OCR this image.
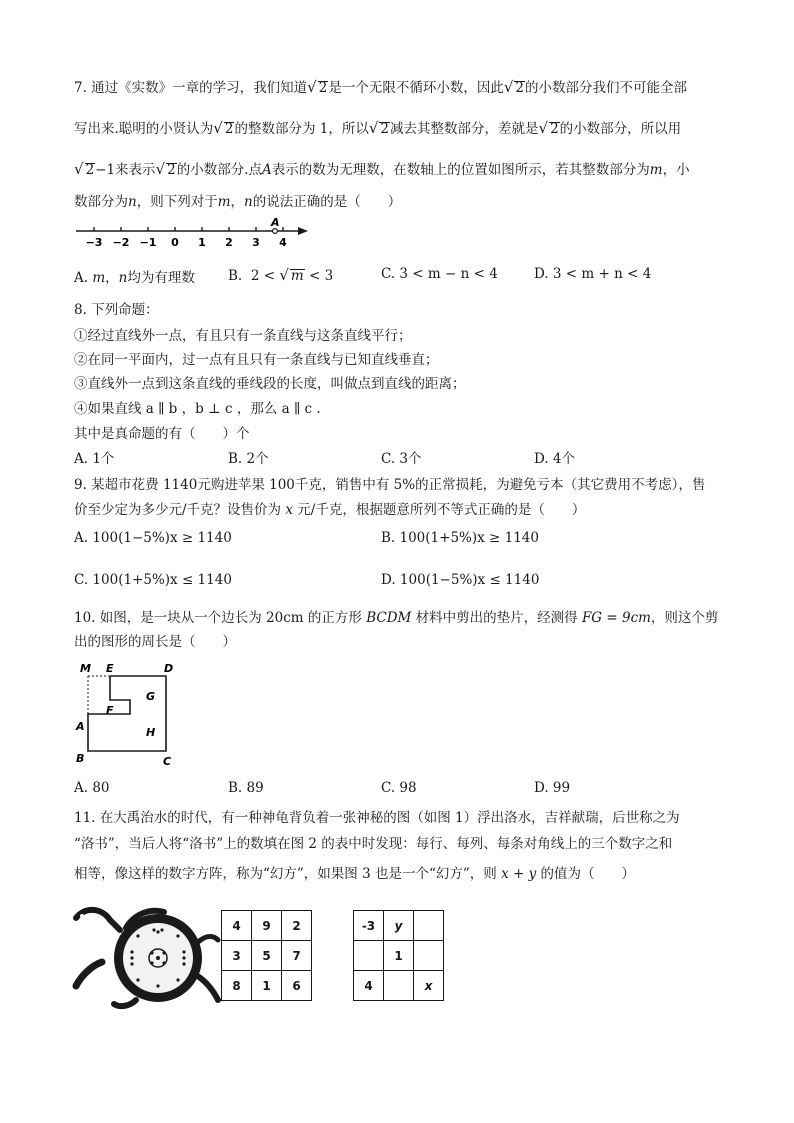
7. 通过《实数》一章的学习，我们知道√ 2是一个无限不循环小数，因此√ 2的小数部分我们不可能全部
写出来.聪明的小贤认为√ 2的整数部分为 1，所以√ 2减去其整数部分，差就是√ 2的小数部分，所以用
√ 2−1来表示√ 2的小数部分.点A表示的数为无理数，在数轴上的位置如图所示，若其整数部分为m，小
数部分为n，则下列对于m，n的说法正确的是（　　）
−3 −2 −1 0 1 2 3 4
A
A. m，n均为有理数 B. 2 < √ m < 3	C. 3 < m − n < 4	D. 3 < m + n < 4
8. 下列命题：
①经过直线外一点，有且只有一条直线与这条直线平行；
②在同一平面内，过一点有且只有一条直线与已知直线垂直；
③直线外一点到这条直线的垂线段的长度，叫做点到直线的距离；
④如果直线 a ∥ b ，b ⊥ c ，那么 a ∥ c .
其中是真命题的有（　　）个
A. 1个	B. 2个	C. 3个	D. 4个
9. 某超市花费 1140元购进苹果 100千克，销售中有 5%的正常损耗，为避免亏本（其它费用不考虑），售
价至少定为多少元/千克？设售价为 x 元/千克，根据题意所列不等式正确的是（　　）
A. 100(1−5%)x ≥ 1140	B. 100(1+5%)x ≥ 1140
C. 100(1+5%)x ≤ 1140	D. 100(1−5%)x ≤ 1140
10. 如图，是一块从一个边长为 20cm 的正方形 BCDM 材料中剪出的垫片，经测得 FG = 9cm，则这个剪
出的图形的周长是（　　）
M E	D
G
F
A	H
B	C
A. 80	B. 89	C. 98	D. 99
11. 在大禹治水的时代，有一种神龟背负着一张神秘的图（如图 1）浮出洛水，吉祥献瑞，后世称之为
“洛书”，当后人将“洛书”上的数填在图 2 的表中时发现：每行、每列、每条对角线上的三个数字之和
相等，像这样的数字方阵，称为“幻方”，如果图 3 也是一个“幻方”，则 x + y 的值为（　　）
4	9	2
3	5	7
8	1	6
-3	y	
	1	
4		x
